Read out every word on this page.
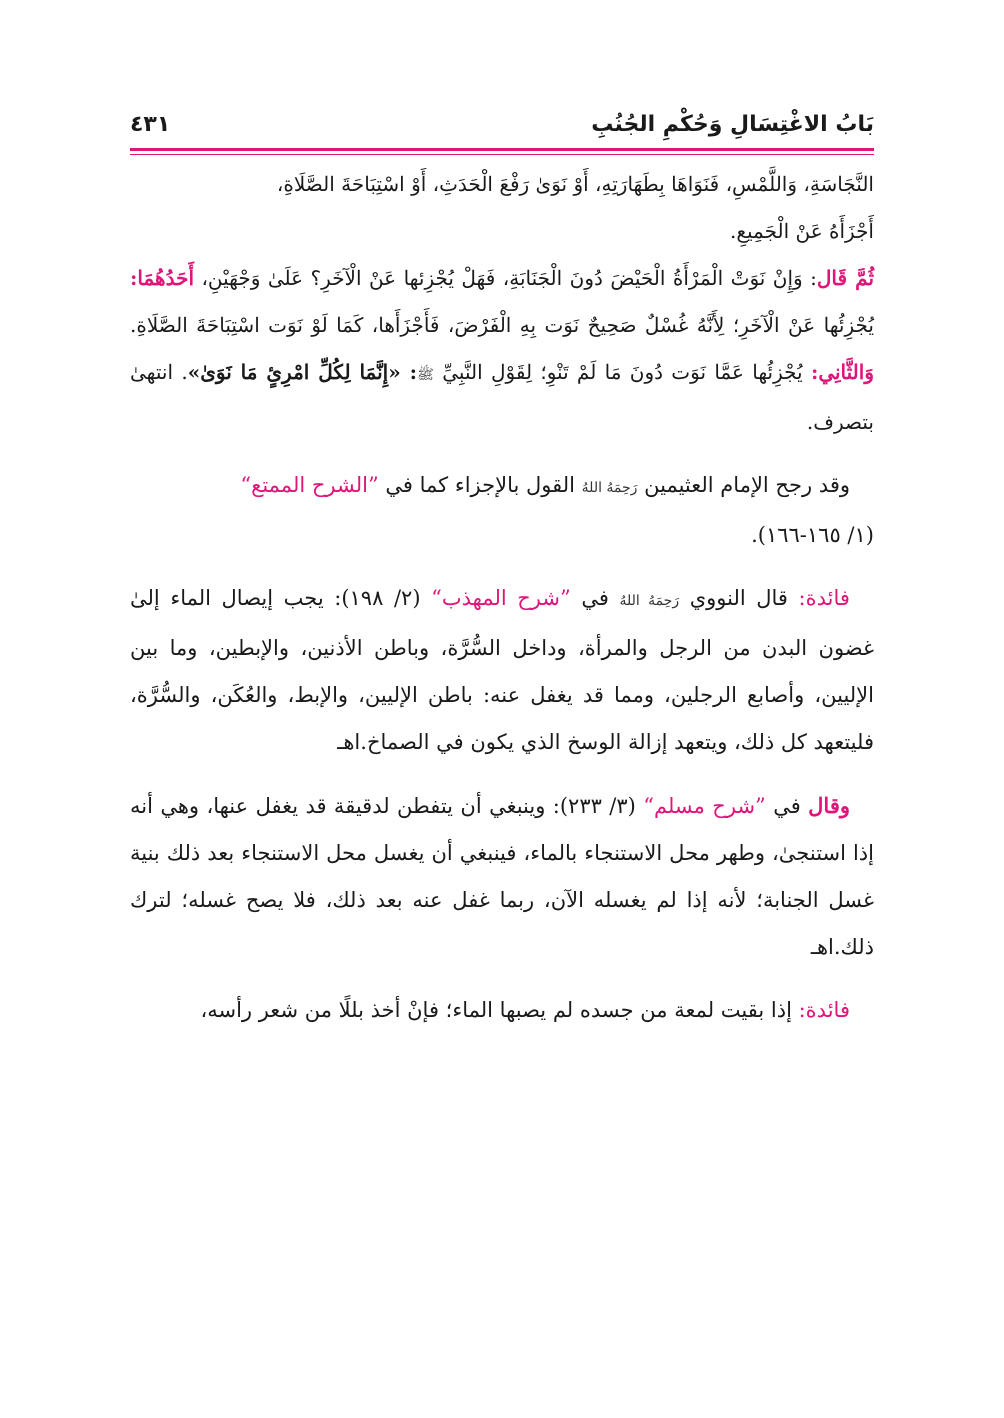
بَابُ الاغْتِسَالِ وَحُكْمِ الجُنُبِ
٤٣١

النَّجَاسَةِ، وَاللَّمْسِ، فَنَوَاهَا بِطَهَارَتِهِ، أَوْ نَوَىٰ رَفْعَ الْحَدَثِ، أَوْ اسْتِبَاحَةَ الصَّلَاةِ،
أَجْزَأَهُ عَنْ الْجَمِيعِ.

ثُمَّ قَال: وَإِنْ نَوَتْ الْمَرْأَةُ الْحَيْضَ دُونَ الْجَنَابَةِ، فَهَلْ يُجْزِئها عَنْ الْآخَرِ؟ عَلَىٰ وَجْهَيْنِ، أَحَدُهُمَا: يُجْزِئُها عَنْ الْآخَرِ؛ لِأَنَّهُ غُسْلٌ صَحِيحٌ نَوَت بِهِ الْفَرْضَ، فَأَجْزَأَها، كَمَا لَوْ نَوَت اسْتِبَاحَةَ الصَّلَاةِ. وَالثَّانِي: يُجْزِئُها عَمَّا نَوَت دُونَ مَا لَمْ تَنْوِ؛ لِقَوْلِ النَّبِيِّ ﷺ: «إِنَّمَا لِكُلِّ امْرِئٍ مَا نَوَىٰ». انتهىٰ بتصرف.

وقد رجح الإمام العثيمين رَحِمَهُ اللهُ القول بالإجزاء كما في ”الشرح الممتع“
(١/ ١٦٥-١٦٦).

فائدة: قال النووي رَحِمَهُ اللهُ في ”شرح المهذب“ (٢/ ١٩٨): يجب إيصال الماء إلىٰ غضون البدن من الرجل والمرأة، وداخل السُّرَّة، وباطن الأذنين، والإبطين، وما بين الإليين، وأصابع الرجلين، ومما قد يغفل عنه: باطن الإليين، والإبط، والعُكَن، والسُّرَّة، فليتعهد كل ذلك، ويتعهد إزالة الوسخ الذي يكون في الصماخ.اهـ

وقال في ”شرح مسلم“ (٣/ ٢٣٣): وينبغي أن يتفطن لدقيقة قد يغفل عنها، وهي أنه إذا استنجىٰ، وطهر محل الاستنجاء بالماء، فينبغي أن يغسل محل الاستنجاء بعد ذلك بنية غسل الجنابة؛ لأنه إذا لم يغسله الآن، ربما غفل عنه بعد ذلك، فلا يصح غسله؛ لترك ذلك.اهـ

فائدة: إذا بقيت لمعة من جسده لم يصبها الماء؛ فإنْ أخذ بللًا من شعر رأسه،
